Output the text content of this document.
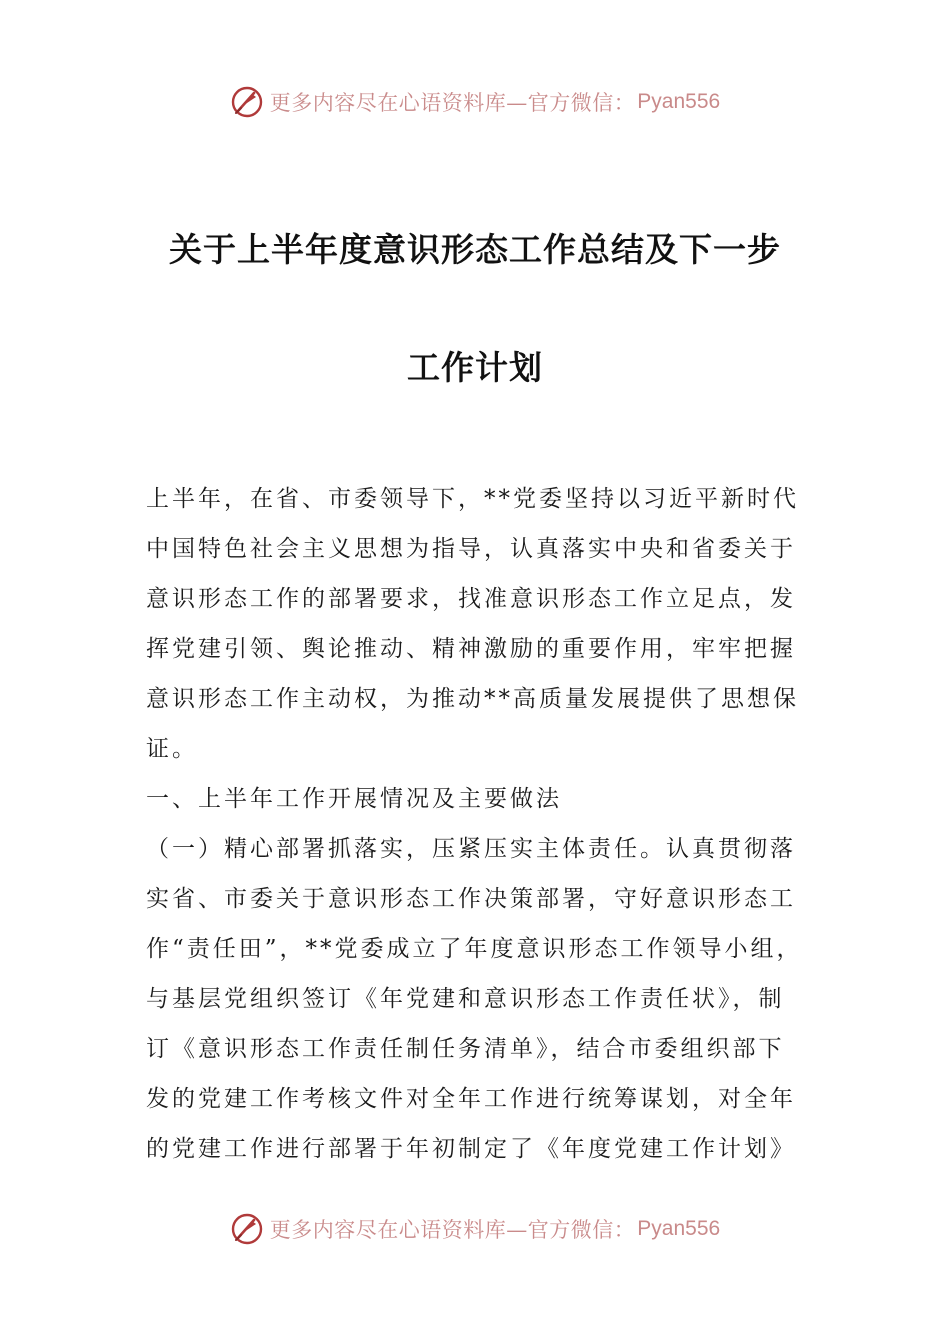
更多内容尽在心语资料库—官方微信： Pyan556
关于上半年度意识形态工作总结及下一步
工作计划

上半年，在省、市委领导下，**党委坚持以习近平新时代

中国特色社会主义思想为指导，认真落实中央和省委关于

意识形态工作的部署要求，找准意识形态工作立足点，发

挥党建引领、舆论推动、精神激励的重要作用，牢牢把握

意识形态工作主动权，为推动**高质量发展提供了思想保

证。

一、上半年工作开展情况及主要做法

（一）精心部署抓落实，压紧压实主体责任。认真贯彻落

实省、市委关于意识形态工作决策部署，守好意识形态工

作“责任田”，**党委成立了年度意识形态工作领导小组，

与基层党组织签订《年党建和意识形态工作责任状》，制

订《意识形态工作责任制任务清单》，结合市委组织部下

发的党建工作考核文件对全年工作进行统筹谋划，对全年

的党建工作进行部署于年初制定了《年度党建工作计划》

更多内容尽在心语资料库—官方微信： Pyan556
